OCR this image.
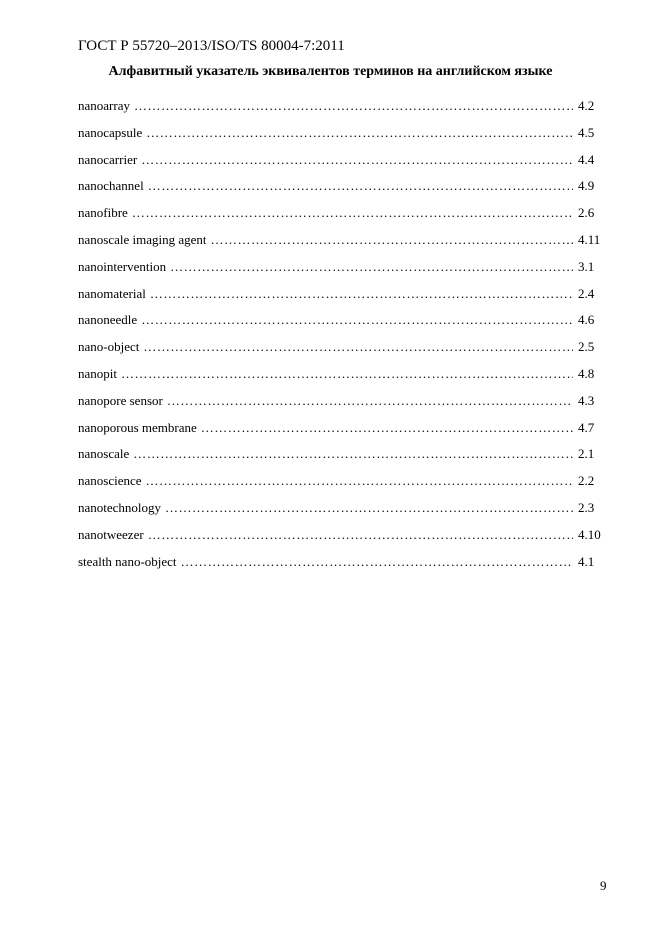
ГОСТ Р 55720–2013/ISO/TS 80004-7:2011
Алфавитный указатель эквивалентов терминов на английском языке
nanoarray ……………………………………………………………………………………………………………………………………………	4.2
nanocapsule ……………………………………………………………………………………………………………………………………………	4.5
nanocarrier ……………………………………………………………………………………………………………………………………………	4.4
nanochannel ……………………………………………………………………………………………………………………………………………	4.9
nanofibre ……………………………………………………………………………………………………………………………………………	2.6
nanoscale imaging agent ……………………………………………………………………………………………………………………………………………	4.11
nanointervention ……………………………………………………………………………………………………………………………………………	3.1
nanomaterial ……………………………………………………………………………………………………………………………………………	2.4
nanoneedle ……………………………………………………………………………………………………………………………………………	4.6
nano-object ……………………………………………………………………………………………………………………………………………	2.5
nanopit ……………………………………………………………………………………………………………………………………………	4.8
nanopore sensor ……………………………………………………………………………………………………………………………………………	4.3
nanoporous membrane ……………………………………………………………………………………………………………………………………………	4.7
nanoscale ……………………………………………………………………………………………………………………………………………	2.1
nanoscience ……………………………………………………………………………………………………………………………………………	2.2
nanotechnology ……………………………………………………………………………………………………………………………………………	2.3
nanotweezer ……………………………………………………………………………………………………………………………………………	4.10
stealth nano-object ……………………………………………………………………………………………………………………………………………	4.1
9
